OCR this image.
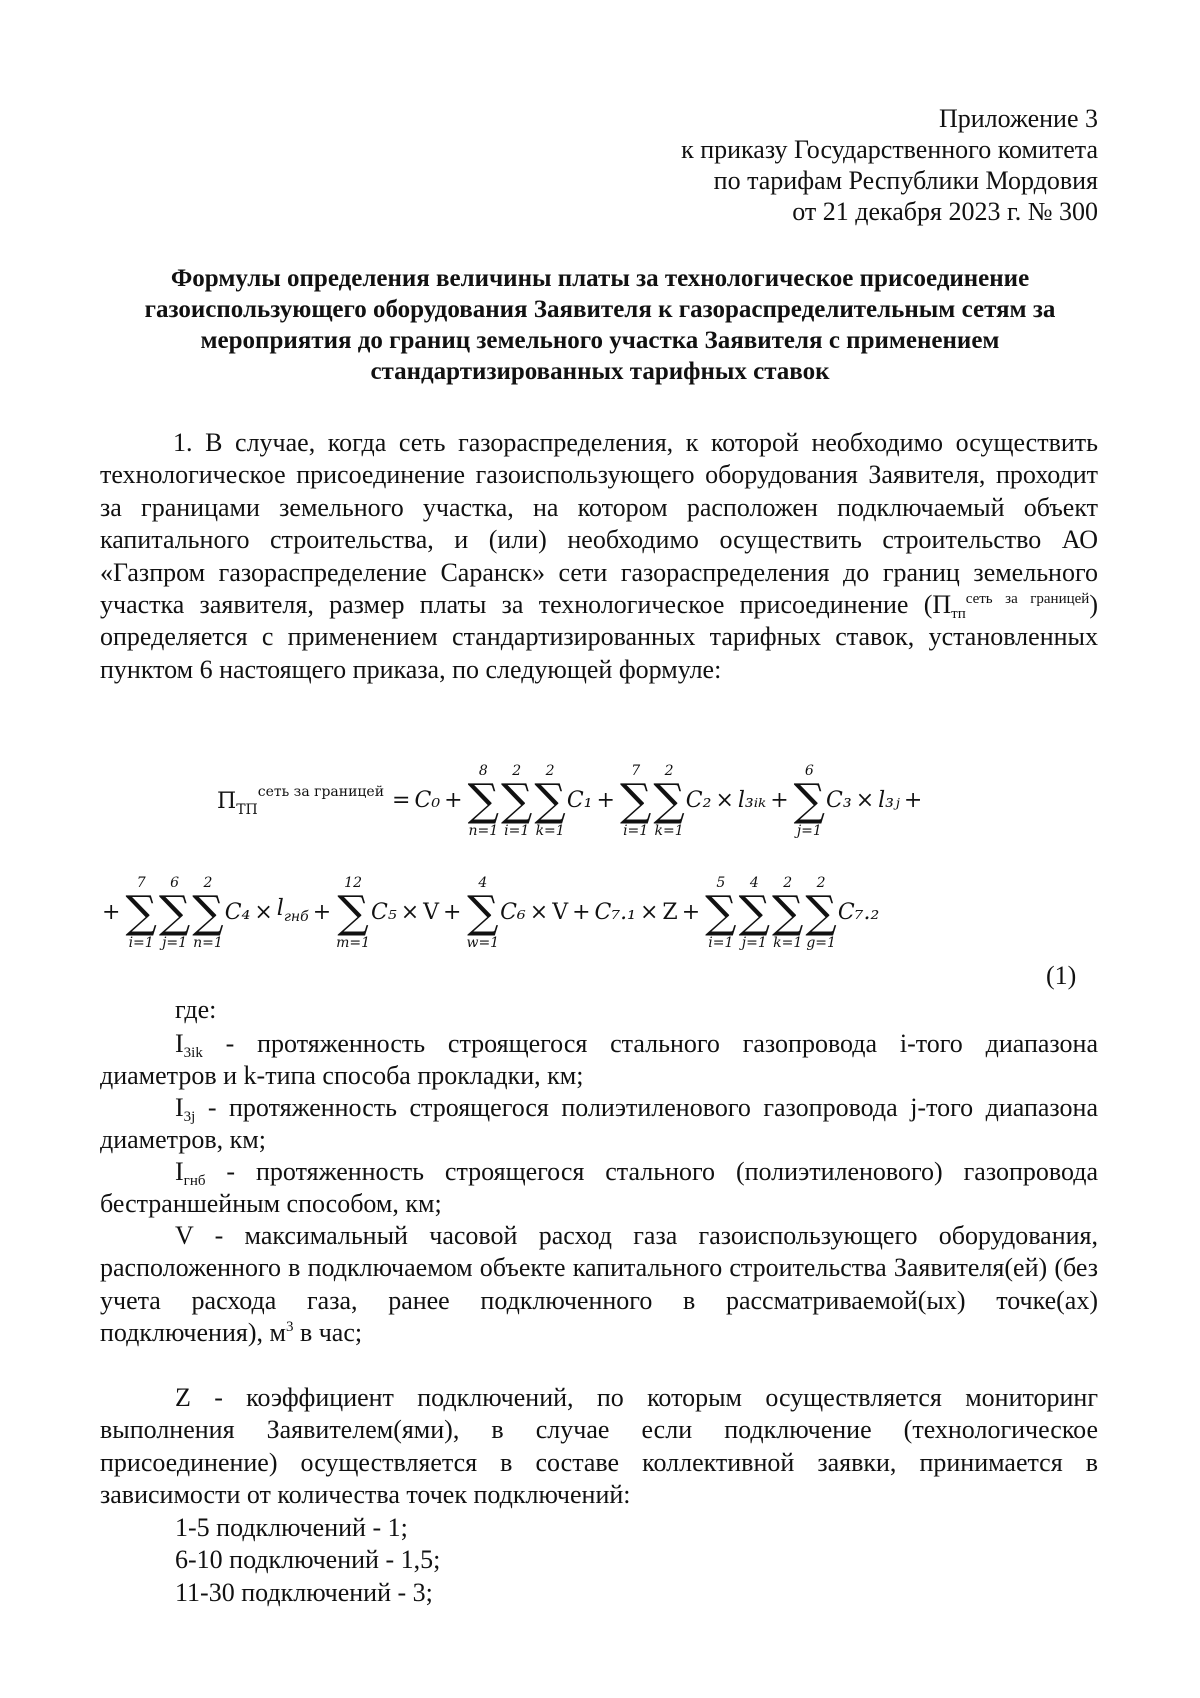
Приложение 3
к приказу Государственного комитета
по тарифам Республики Мордовия
от 21 декабря 2023 г. № 300
Формулы определения величины платы за технологическое присоединение газоиспользующего оборудования Заявителя к газораспределительным сетям за мероприятия до границ земельного участка Заявителя с применением стандартизированных тарифных ставок
1. В случае, когда сеть газораспределения, к которой необходимо осуществить технологическое присоединение газоиспользующего оборудования Заявителя, проходит за границами земельного участка, на котором расположен подключаемый объект капитального строительства, и (или) необходимо осуществить строительство АО «Газпром газораспределение Саранск» сети газораспределения до границ земельного участка заявителя, размер платы за технологическое присоединение $(П_{тп}^{сеть за границей})$ определяется с применением стандартизированных тарифных ставок, установленных пунктом 6 настоящего приказа, по следующей формуле:
$П_{ТП}^{сеть за границей} = C_0$ +
8
∑
n=1
2
∑
i=1
2
∑
k=1
C₁ +
7
∑
i=1
2
∑
k=1
C₂ × l₃ᵢₖ +
6
∑
j=1
C₃ × l₃ⱼ +
+
7
∑
i=1
6
∑
j=1
2
∑
n=1
$C_4 \times l_{гнб}$ +
12
∑
m=1
C₅ × V +
4
∑
w=1
C₆ × V + C₇.₁ × Z +
5
∑
i=1
4
∑
j=1
2
∑
k=1
2
∑
g=1
C₇.₂
(1)
где:
$I_{3ik}$ - протяженность строящегося стального газопровода i-того диапазона диаметров и k-типа способа прокладки, км;
$I_{3j}$ - протяженность строящегося полиэтиленового газопровода j-того диапазона диаметров, км;
$I_{гнб}$ - протяженность строящегося стального (полиэтиленового) газопровода бестраншейным способом, км;
V - максимальный часовой расход газа газоиспользующего оборудования, расположенного в подключаемом объекте капитального строительства Заявителя(ей) (без учета расхода газа, ранее подключенного в рассматриваемой(ых) точке(ах) подключения), $м^3$ в час;
Z - коэффициент подключений, по которым осуществляется мониторинг выполнения Заявителем(ями), в случае если подключение (технологическое присоединение) осуществляется в составе коллективной заявки, принимается в зависимости от количества точек подключений:
1-5 подключений - 1;
6-10 подключений - 1,5;
11-30 подключений - 3;
